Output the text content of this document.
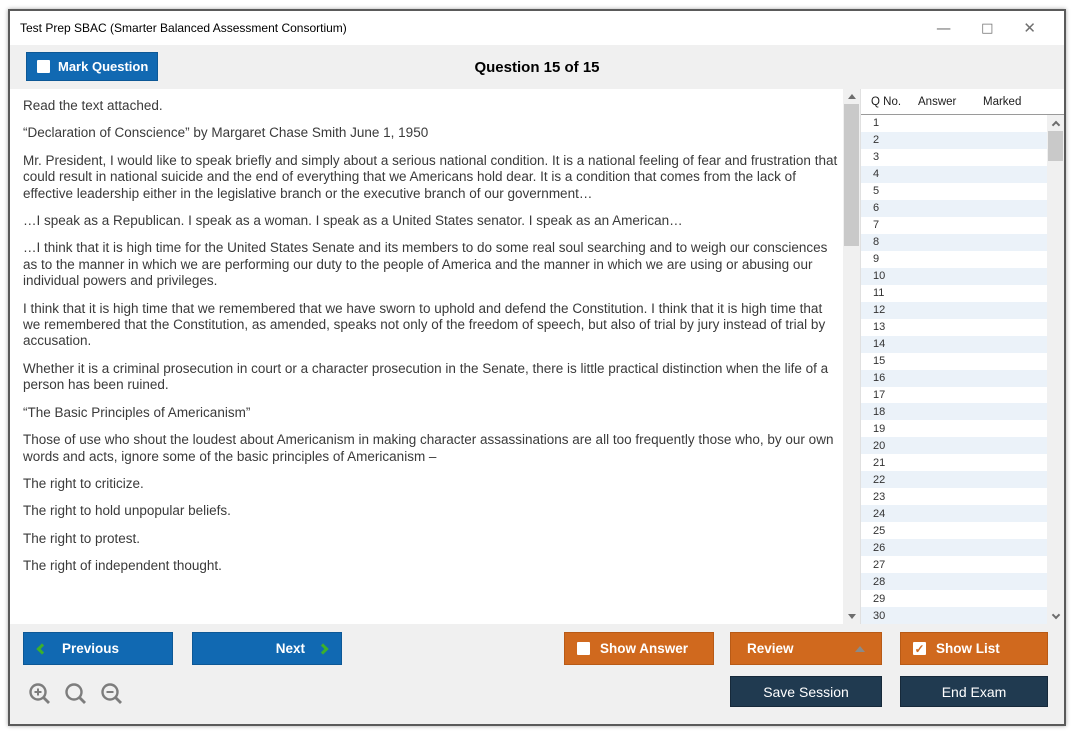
Test Prep SBAC (Smarter Balanced Assessment Consortium)	— □ ✕
Mark Question	Question 15 of 15

Read the text attached.

“Declaration of Conscience” by Margaret Chase Smith June 1, 1950

Mr. President, I would like to speak briefly and simply about a serious national condition. It is a national feeling of fear and frustration that could result in national suicide and the end of everything that we Americans hold dear. It is a condition that comes from the lack of effective leadership either in the legislative branch or the executive branch of our government…

…I speak as a Republican. I speak as a woman. I speak as a United States senator. I speak as an American…

…I think that it is high time for the United States Senate and its members to do some real soul searching and to weigh our consciences as to the manner in which we are performing our duty to the people of America and the manner in which we are using or abusing our individual powers and privileges.

I think that it is high time that we remembered that we have sworn to uphold and defend the Constitution. I think that it is high time that we remembered that the Constitution, as amended, speaks not only of the freedom of speech, but also of trial by jury instead of trial by accusation.

Whether it is a criminal prosecution in court or a character prosecution in the Senate, there is little practical distinction when the life of a person has been ruined.

“The Basic Principles of Americanism”

Those of use who shout the loudest about Americanism in making character assassinations are all too frequently those who, by our own words and acts, ignore some of the basic principles of Americanism –

The right to criticize.

The right to hold unpopular beliefs.

The right to protest.

The right of independent thought.

Q No.	Answer	Marked
1
2
3
4
5
6
7
8
9
10
11
12
13
14
15
16
17
18
19
20
21
22
23
24
25
26
27
28
29
30
Previous	Next	Show Answer	Review	✓ Show List
Save Session	End Exam
